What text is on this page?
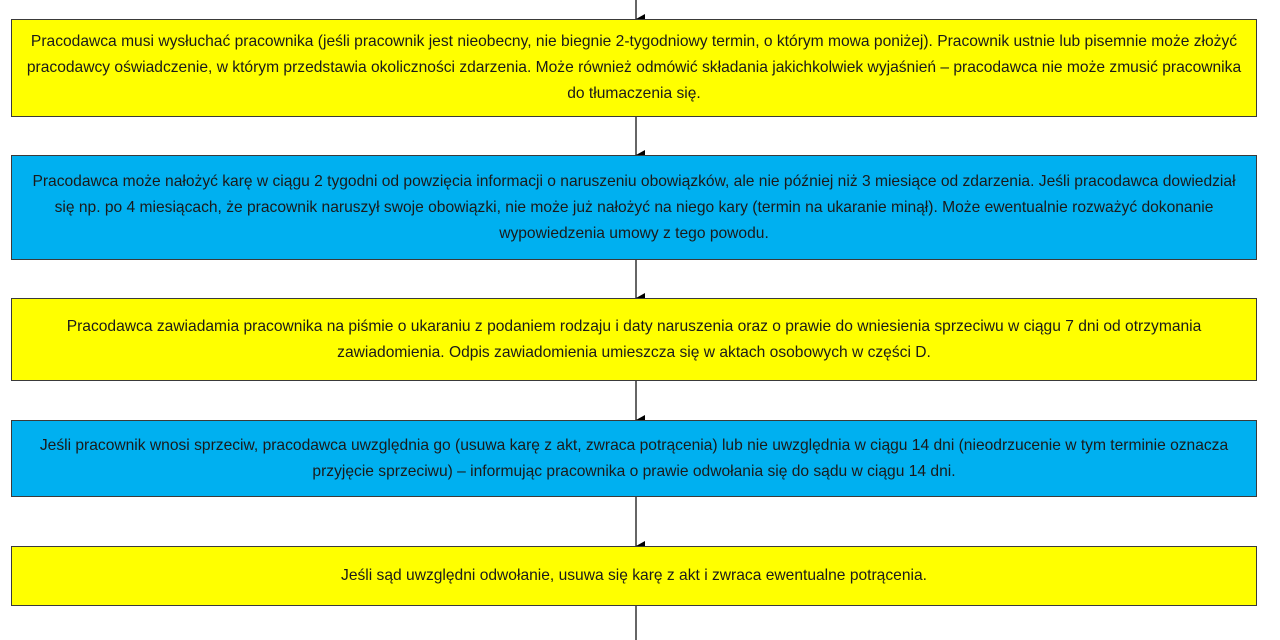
Pracodawca musi wysłuchać pracownika (jeśli pracownik jest nieobecny, nie biegnie 2-tygodniowy termin, o którym mowa poniżej). Pracownik ustnie lub pisemnie może złożyć pracodawcy oświadczenie, w którym przedstawia okoliczności zdarzenia. Może również odmówić składania jakichkolwiek wyjaśnień – pracodawca nie może zmusić pracownika do tłumaczenia się.
Pracodawca może nałożyć karę w ciągu 2 tygodni od powzięcia informacji o naruszeniu obowiązków, ale nie później niż 3 miesiące od zdarzenia. Jeśli pracodawca dowiedział się np. po 4 miesiącach, że pracownik naruszył swoje obowiązki, nie może już nałożyć na niego kary (termin na ukaranie minął). Może ewentualnie rozważyć dokonanie wypowiedzenia umowy z tego powodu.
Pracodawca zawiadamia pracownika na piśmie o ukaraniu z podaniem rodzaju i daty naruszenia oraz o prawie do wniesienia sprzeciwu w ciągu 7 dni od otrzymania zawiadomienia. Odpis zawiadomienia umieszcza się w aktach osobowych w części D.
Jeśli pracownik wnosi sprzeciw, pracodawca uwzględnia go (usuwa karę z akt, zwraca potrącenia) lub nie uwzględnia w ciągu 14 dni (nieodrzucenie w tym terminie oznacza przyjęcie sprzeciwu) – informując pracownika o prawie odwołania się do sądu w ciągu 14 dni.
Jeśli sąd uwzględni odwołanie, usuwa się karę z akt i zwraca ewentualne potrącenia.
